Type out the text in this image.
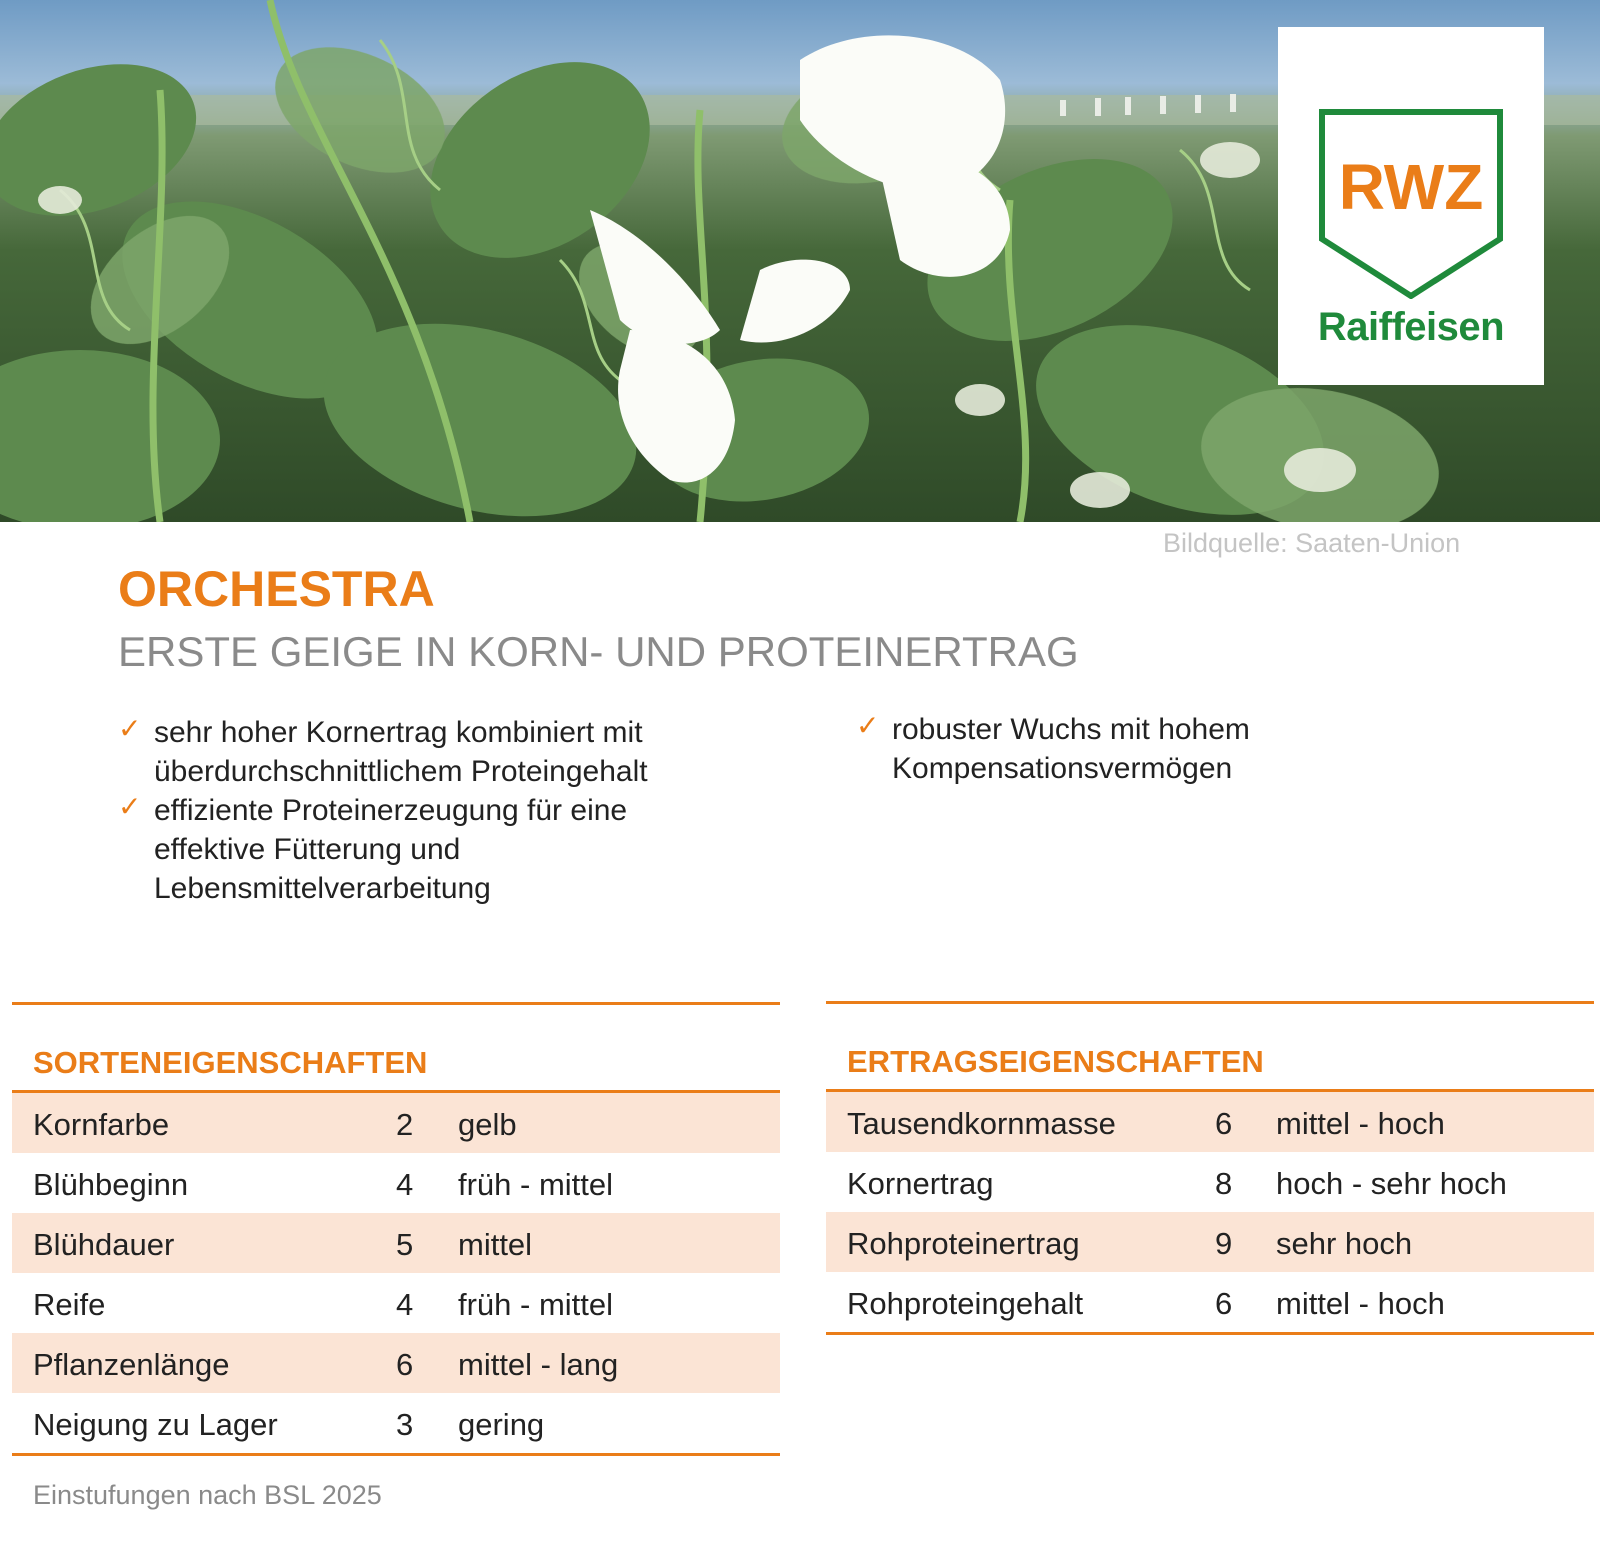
RWZ
Raiffeisen
Bildquelle: Saaten-Union
ORCHESTRA
ERSTE GEIGE IN KORN- UND PROTEINERTRAG
✓ sehr hoher Kornertrag kombiniert mit überdurchschnittlichem Proteingehalt
✓ effiziente Proteinerzeugung für eine effektive Fütterung und Lebensmittelverarbeitung
✓ robuster Wuchs mit hohem Kompensationsvermögen
SORTENEIGENSCHAFTEN
Kornfarbe	2 gelb
Blühbeginn	4 früh - mittel
Blühdauer	5 mittel
Reife	4 früh - mittel
Pflanzenlänge	6 mittel - lang
Neigung zu Lager	3 gering
ERTRAGSEIGENSCHAFTEN
Tausendkornmasse	6 mittel - hoch
Kornertrag	8 hoch - sehr hoch
Rohproteinertrag	9 sehr hoch
Rohproteingehalt	6 mittel - hoch
Einstufungen nach BSL 2025
